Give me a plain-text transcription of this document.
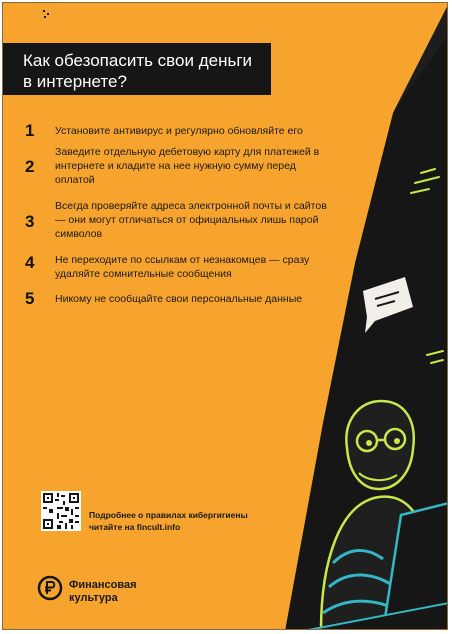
Как обезопасить свои деньги
в интернете?
1 Установите антивирус и регулярно обновляйте его
2
Заведите отдельную дебетовую карту для платежей в интернете и кладите на нее нужную сумму перед оплатой
3
Всегда проверяйте адреса электронной почты и сайтов — они могут отличаться от официальных лишь парой символов
4 Не переходите по ссылкам от незнакомцев — сразу удаляйте сомнительные сообщения
5 Никому не сообщайте свои персональные данные
Подробнее о правилах кибергигиены
читайте на fincult.info
Финансовая
культура
